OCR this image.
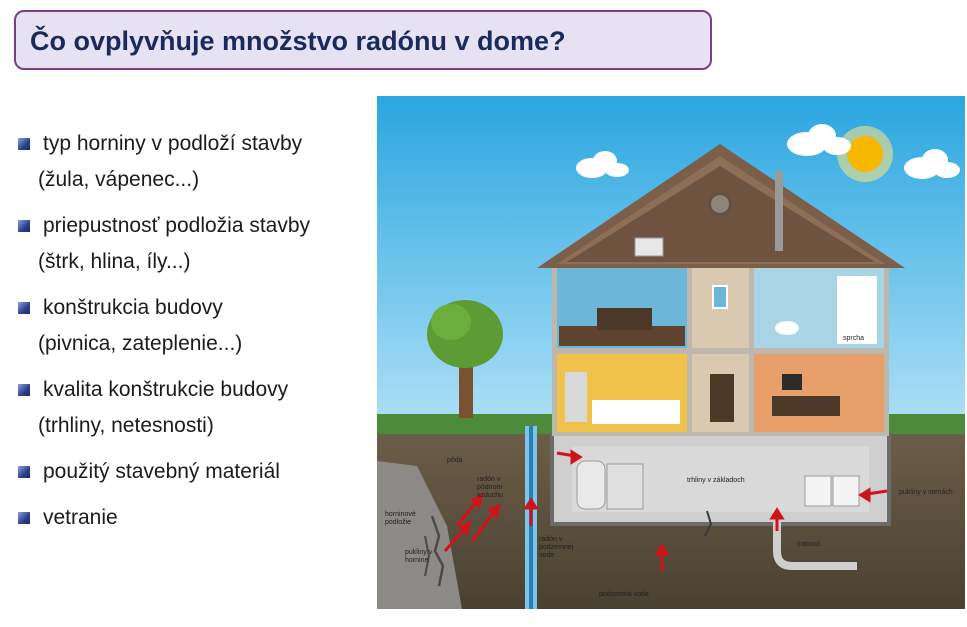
Čo ovplyvňuje množstvo radónu v dome?
typ horniny v podloží stavby
(žula, vápenec...)
priepustnosť podložia stavby
(štrk, hlina, íly...)
konštrukcia budovy
(pivnica, zateplenie...)
kvalita konštrukcie budovy
(trhliny, netesnosti)
použitý stavebný materiál
vetranie
pôda
radón v
pôdnom
vzduchu
horninové
podložie
pukliny v
hornine
radón v
podzemnej
vode
trhliny v základoch
pukliny v stenách
sprcha
trativod
podzemná voda
